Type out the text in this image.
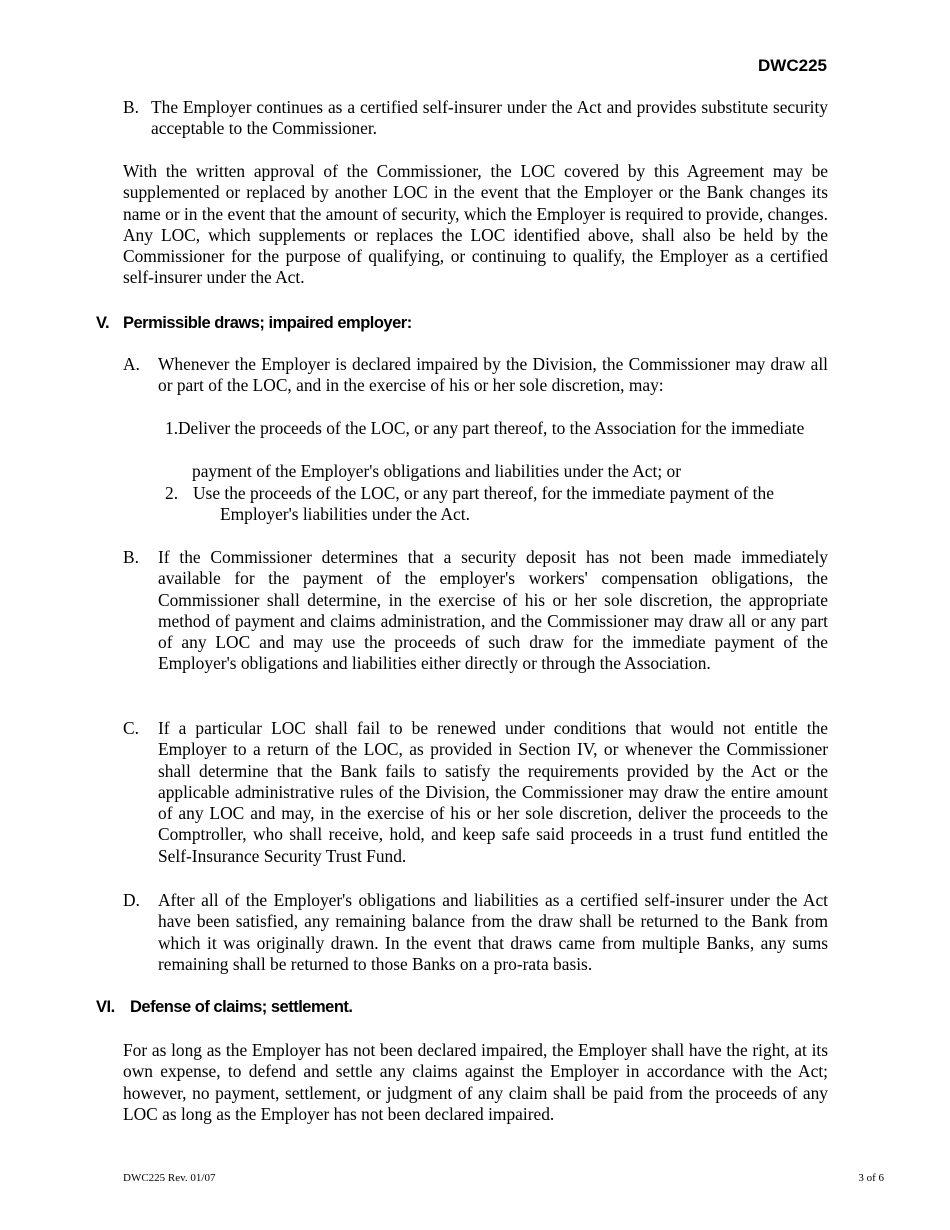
DWC225
B. The Employer continues as a certified self-insurer under the Act and provides substitute security acceptable to the Commissioner.
With the written approval of the Commissioner, the LOC covered by this Agreement may be supplemented or replaced by another LOC in the event that the Employer or the Bank changes its name or in the event that the amount of security, which the Employer is required to provide, changes. Any LOC, which supplements or replaces the LOC identified above, shall also be held by the Commissioner for the purpose of qualifying, or continuing to qualify, the Employer as a certified self-insurer under the Act.
V. Permissible draws; impaired employer:
A. Whenever the Employer is declared impaired by the Division, the Commissioner may draw all or part of the LOC, and in the exercise of his or her sole discretion, may:
1. Deliver the proceeds of the LOC, or any part thereof, to the Association for the immediate
payment of the Employer's obligations and liabilities under the Act; or
2. Use the proceeds of the LOC, or any part thereof, for the immediate payment of the
Employer's liabilities under the Act.
B. If the Commissioner determines that a security deposit has not been made immediately available for the payment of the employer's workers' compensation obligations, the Commissioner shall determine, in the exercise of his or her sole discretion, the appropriate method of payment and claims administration, and the Commissioner may draw all or any part of any LOC and may use the proceeds of such draw for the immediate payment of the Employer's obligations and liabilities either directly or through the Association.
C. If a particular LOC shall fail to be renewed under conditions that would not entitle the Employer to a return of the LOC, as provided in Section IV, or whenever the Commissioner shall determine that the Bank fails to satisfy the requirements provided by the Act or the applicable administrative rules of the Division, the Commissioner may draw the entire amount of any LOC and may, in the exercise of his or her sole discretion, deliver the proceeds to the Comptroller, who shall receive, hold, and keep safe said proceeds in a trust fund entitled the Self-Insurance Security Trust Fund.
D. After all of the Employer's obligations and liabilities as a certified self-insurer under the Act have been satisfied, any remaining balance from the draw shall be returned to the Bank from which it was originally drawn. In the event that draws came from multiple Banks, any sums remaining shall be returned to those Banks on a pro-rata basis.
VI. Defense of claims; settlement.
For as long as the Employer has not been declared impaired, the Employer shall have the right, at its own expense, to defend and settle any claims against the Employer in accordance with the Act; however, no payment, settlement, or judgment of any claim shall be paid from the proceeds of any LOC as long as the Employer has not been declared impaired.
DWC225 Rev. 01/07	3 of 6
